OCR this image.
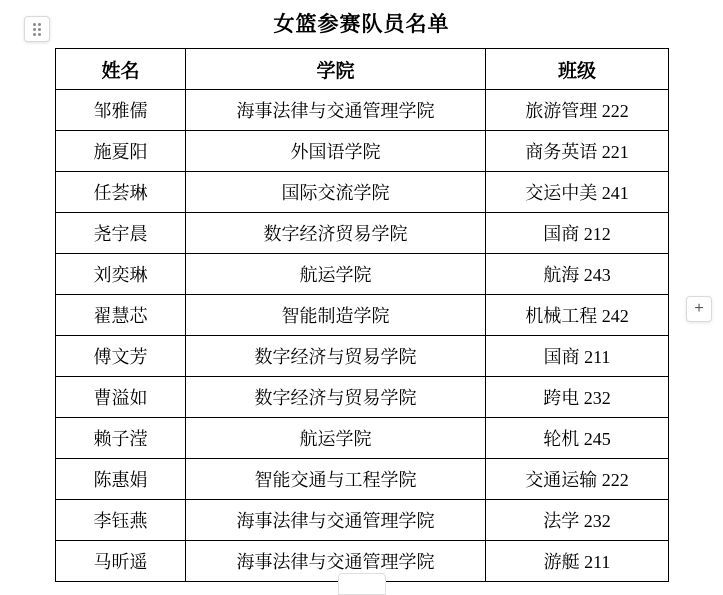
女篮参赛队员名单
姓名	学院	班级
邹雅儒	海事法律与交通管理学院	旅游管理 222
施夏阳	外国语学院	商务英语 221
任荟琳	国际交流学院	交运中美 241
尧宇晨	数字经济贸易学院	国商 212
刘奕琳	航运学院	航海 243
翟慧芯	智能制造学院	机械工程 242
傅文芳	数字经济与贸易学院	国商 211
曹溢如	数字经济与贸易学院	跨电 232
赖子滢	航运学院	轮机 245
陈惠娟	智能交通与工程学院	交通运输 222
李钰燕	海事法律与交通管理学院	法学 232
马昕遥	海事法律与交通管理学院	游艇 211
+
